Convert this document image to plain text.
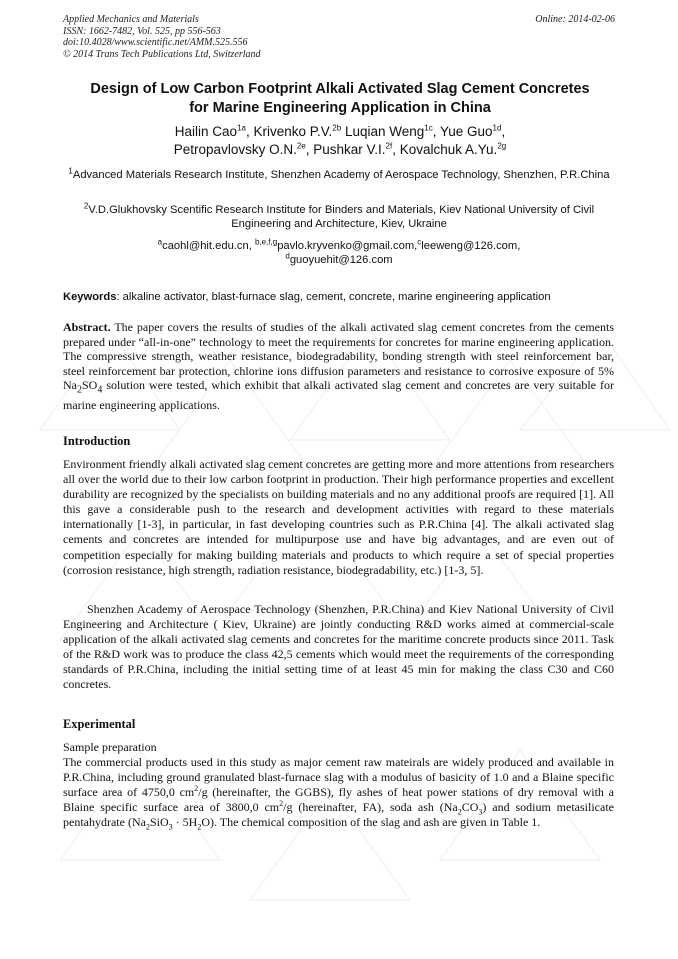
Applied Mechanics and Materials
ISSN: 1662-7482, Vol. 525, pp 556-563
doi:10.4028/www.scientific.net/AMM.525.556
© 2014 Trans Tech Publications Ltd, Switzerland
Online: 2014-02-06
Design of Low Carbon Footprint Alkali Activated Slag Cement Concretes
for Marine Engineering Application in China
Hailin Cao$^{1a}$, Krivenko P.V.$^{2b}$ Luqian Weng$^{1c}$, Yue Guo$^{1d}$,
Petropavlovsky O.N.$^{2e}$, Pushkar V.I.$^{2f}$, Kovalchuk A.Yu.$^{2g}$
$^1$Advanced Materials Research Institute, Shenzhen Academy of Aerospace Technology, Shenzhen, P.R.China
$^2$V.D.Glukhovsky Scentific Research Institute for Binders and Materials, Kiev National University of Civil Engineering and Architecture, Kiev, Ukraine
$^a$caohl@hit.edu.cn, $^{b,e,f,g}$pavlo.kryvenko@gmail.com,$^c$leeweng@126.com,
$^d$guoyuehit@126.com
Keywords: alkaline activator, blast-furnace slag, cement, concrete, marine engineering application
Abstract. The paper covers the results of studies of the alkali activated slag cement concretes from the cements prepared under “all-in-one” technology to meet the requirements for concretes for marine engineering application. The compressive strength, weather resistance, biodegradability, bonding strength with steel reinforcement bar, steel reinforcement bar protection, chlorine ions diffusion parameters and resistance to corrosive exposure of 5% $Na_2SO_4$ solution were tested, which exhibit that alkali activated slag cement and concretes are very suitable for marine engineering applications.
Introduction
Environment friendly alkali activated slag cement concretes are getting more and more attentions from researchers all over the world due to their low carbon footprint in production. Their high performance properties and excellent durability are recognized by the specialists on building materials and no any additional proofs are required [1]. All this gave a considerable push to the research and development activities with regard to these materials internationally [1-3], in particular, in fast developing countries such as P.R.China [4]. The alkali activated slag cements and concretes are intended for multipurpose use and have big advantages, and are even out of competition especially for making building materials and products to which require a set of special properties (corrosion resistance, high strength, radiation resistance, biodegradability, etc.) [1-3, 5].
Shenzhen Academy of Aerospace Technology (Shenzhen, P.R.China) and Kiev National University of Civil Engineering and Architecture ( Kiev, Ukraine) are jointly conducting R&D works aimed at commercial-scale application of the alkali activated slag cements and concretes for the maritime concrete products since 2011. Task of the R&D work was to produce the class 42,5 cements which would meet the requirements of the corresponding standards of P.R.China, including the initial setting time of at least 45 min for making the class C30 and C60 concretes.
Experimental
Sample preparation
The commercial products used in this study as major cement raw mateirals are widely produced and available in P.R.China, including ground granulated blast-furnace slag with a modulus of basicity of 1.0 and a Blaine specific surface area of 4750,0 $cm^2/g$ (hereinafter, the GGBS), fly ashes of heat power stations of dry removal with a Blaine specific surface area of 3800,0 $cm^2/g$ (hereinafter, FA), soda ash $(Na_2CO_3)$ and sodium metasilicate pentahydrate $(Na_2SiO_3 \cdot 5H_2O)$. The chemical composition of the slag and ash are given in Table 1.
